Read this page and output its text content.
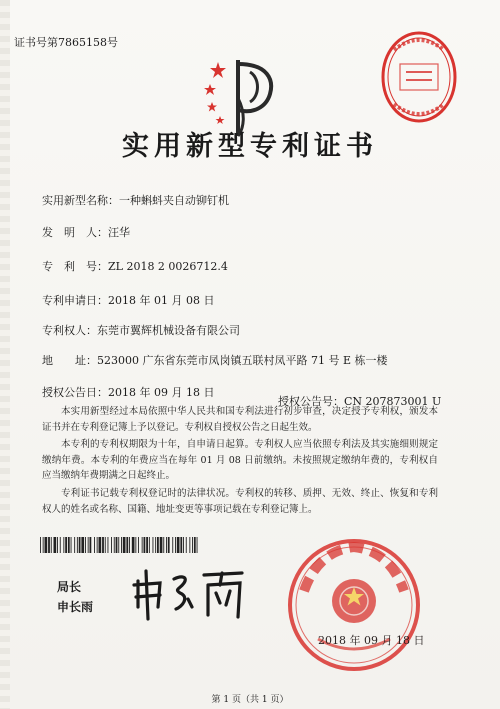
证书号第7865158号
实用新型专利证书
实用新型名称：一种蝌蚪夹自动铆钉机
发　明　人：汪华
专　利　号：ZL 2018 2 0026712.4
专利申请日：2018 年 01 月 08 日
专利权人：东莞市翼辉机械设备有限公司
地　　址：523000 广东省东莞市凤岗镇五联村凤平路 71 号 E 栋一楼
授权公告日：2018 年 09 月 18 日
授权公告号：CN 207873001 U
本实用新型经过本局依照中华人民共和国专利法进行初步审查，决定授予专利权，颁发本证书并在专利登记簿上予以登记。专利权自授权公告之日起生效。
本专利的专利权期限为十年，自申请日起算。专利权人应当依照专利法及其实施细则规定缴纳年费。本专利的年费应当在每年 01 月 08 日前缴纳。未按照规定缴纳年费的，专利权自应当缴纳年费期满之日起终止。
专利证书记载专利权登记时的法律状况。专利权的转移、质押、无效、终止、恢复和专利权人的姓名或名称、国籍、地址变更等事项记载在专利登记簿上。
局长
申长雨
2018 年 09 月 18 日
第 1 页（共 1 页）
